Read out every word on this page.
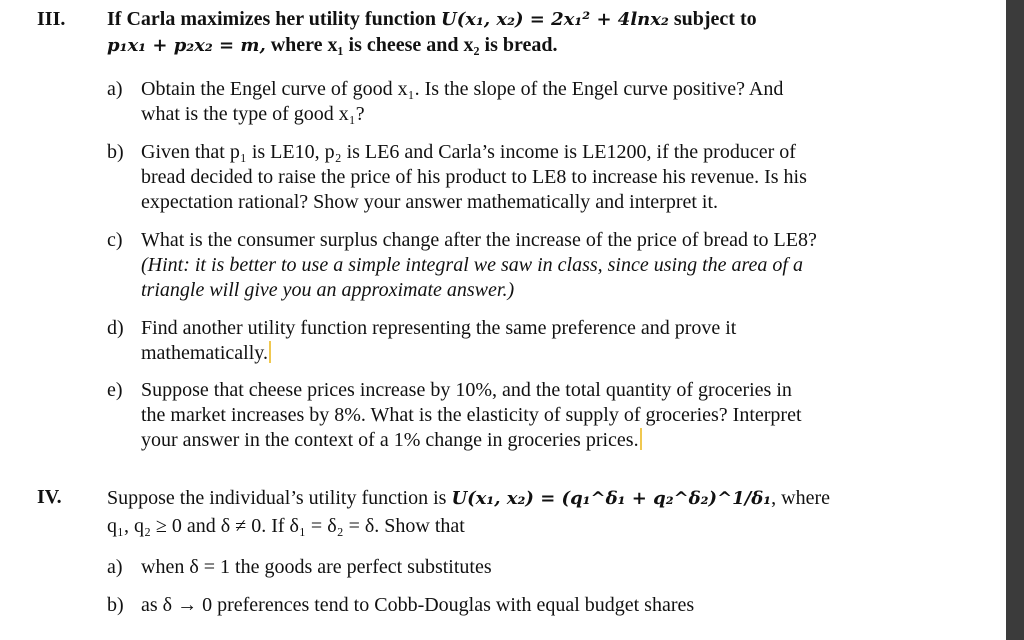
III. If Carla maximizes her utility function U(x₁, x₂) = 2x₁² + 4lnx₂ subject to
p₁x₁ + p₂x₂ = m, where x₁ is cheese and x₂ is bread.
a) Obtain the Engel curve of good x₁. Is the slope of the Engel curve positive? And
what is the type of good x₁?
b) Given that p₁ is LE10, p₂ is LE6 and Carla’s income is LE1200, if the producer of
bread decided to raise the price of his product to LE8 to increase his revenue. Is his
expectation rational? Show your answer mathematically and interpret it.
c) What is the consumer surplus change after the increase of the price of bread to LE8?
(Hint: it is better to use a simple integral we saw in class, since using the area of a
triangle will give you an approximate answer.)
d) Find another utility function representing the same preference and prove it
mathematically.
e) Suppose that cheese prices increase by 10%, and the total quantity of groceries in
the market increases by 8%. What is the elasticity of supply of groceries? Interpret
your answer in the context of a 1% change in groceries prices.
IV. Suppose the individual’s utility function is U(x₁, x₂) = (q₁^δ₁ + q₂^δ₂)^1/δ₁, where
q₁, q₂ ≥ 0 and δ ≠ 0. If δ₁ = δ₂ = δ. Show that
a) when δ = 1 the goods are perfect substitutes
b) as δ → 0 preferences tend to Cobb-Douglas with equal budget shares
